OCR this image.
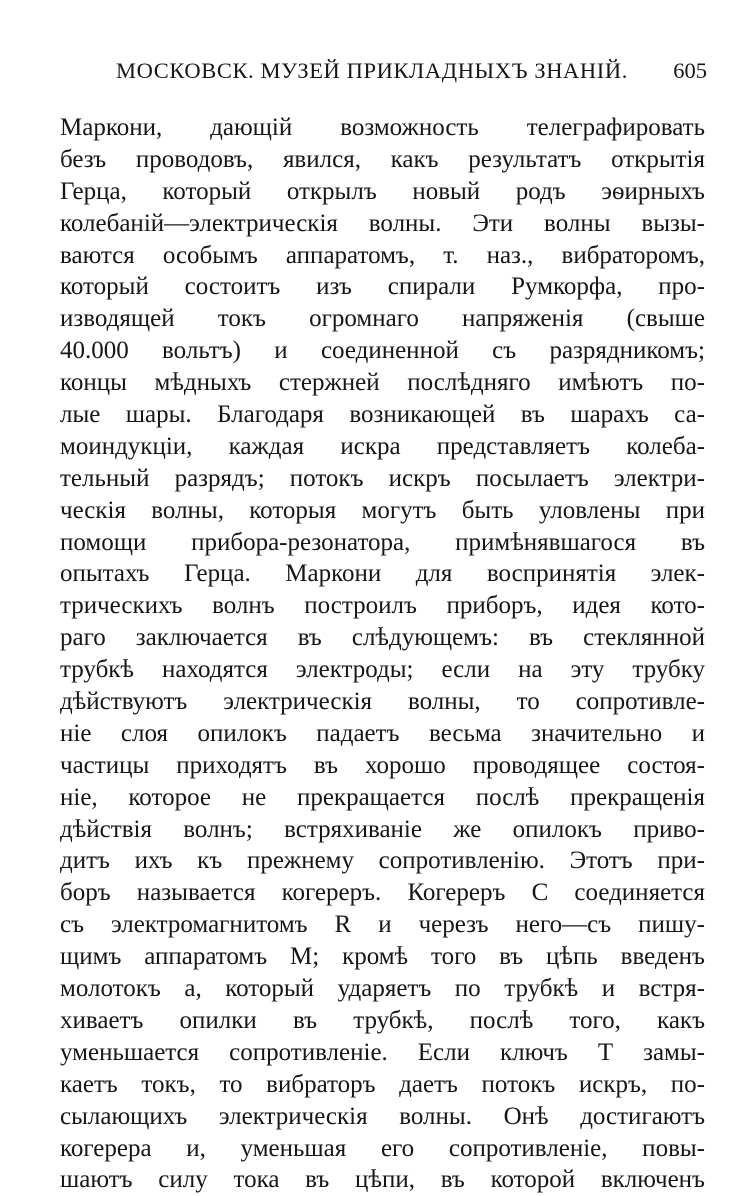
МОСКОВСК. МУЗЕЙ ПРИКЛАДНЫХЪ ЗНАНІЙ. 605
Маркони, дающій возможность телеграфировать
безъ проводовъ, явился, какъ результатъ открытія
Герца, который открылъ новый родъ эѳирныхъ
колебаній—электрическія волны. Эти волны вызы-
ваются особымъ аппаратомъ, т. наз., вибраторомъ,
который состоитъ изъ спирали Румкорфа, про-
изводящей токъ огромнаго напряженія (свыше
40.000 вольтъ) и соединенной съ разрядникомъ;
концы мѣдныхъ стержней послѣдняго имѣютъ по-
лые шары. Благодаря возникающей въ шарахъ са-
моиндукціи, каждая искра представляетъ колеба-
тельный разрядъ; потокъ искръ посылаетъ электри-
ческія волны, которыя могутъ быть уловлены при
помощи прибора-резонатора, примѣнявшагося въ
опытахъ Герца. Маркони для воспринятія элек-
трическихъ волнъ построилъ приборъ, идея кото-
раго заключается въ слѣдующемъ: въ стеклянной
трубкѣ находятся электроды; если на эту трубку
дѣйствуютъ электрическія волны, то сопротивле-
ніе слоя опилокъ падаетъ весьма значительно и
частицы приходятъ въ хорошо проводящее состоя-
ніе, которое не прекращается послѣ прекращенія
дѣйствія волнъ; встряхиваніе же опилокъ приво-
дитъ ихъ къ прежнему сопротивленію. Этотъ при-
боръ называется когереръ. Когереръ С соединяется
съ электромагнитомъ R и черезъ него—съ пишу-
щимъ аппаратомъ М; кромѣ того въ цѣпь введенъ
молотокъ а, который ударяетъ по трубкѣ и встря-
хиваетъ опилки въ трубкѣ, послѣ того, какъ
уменьшается сопротивленіе. Если ключъ Т замы-
каетъ токъ, то вибраторъ даетъ потокъ искръ, по-
сылающихъ электрическія волны. Онѣ достигаютъ
когерера и, уменьшая его сопротивленіе, повы-
шаютъ силу тока въ цѣпи, въ которой включенъ
